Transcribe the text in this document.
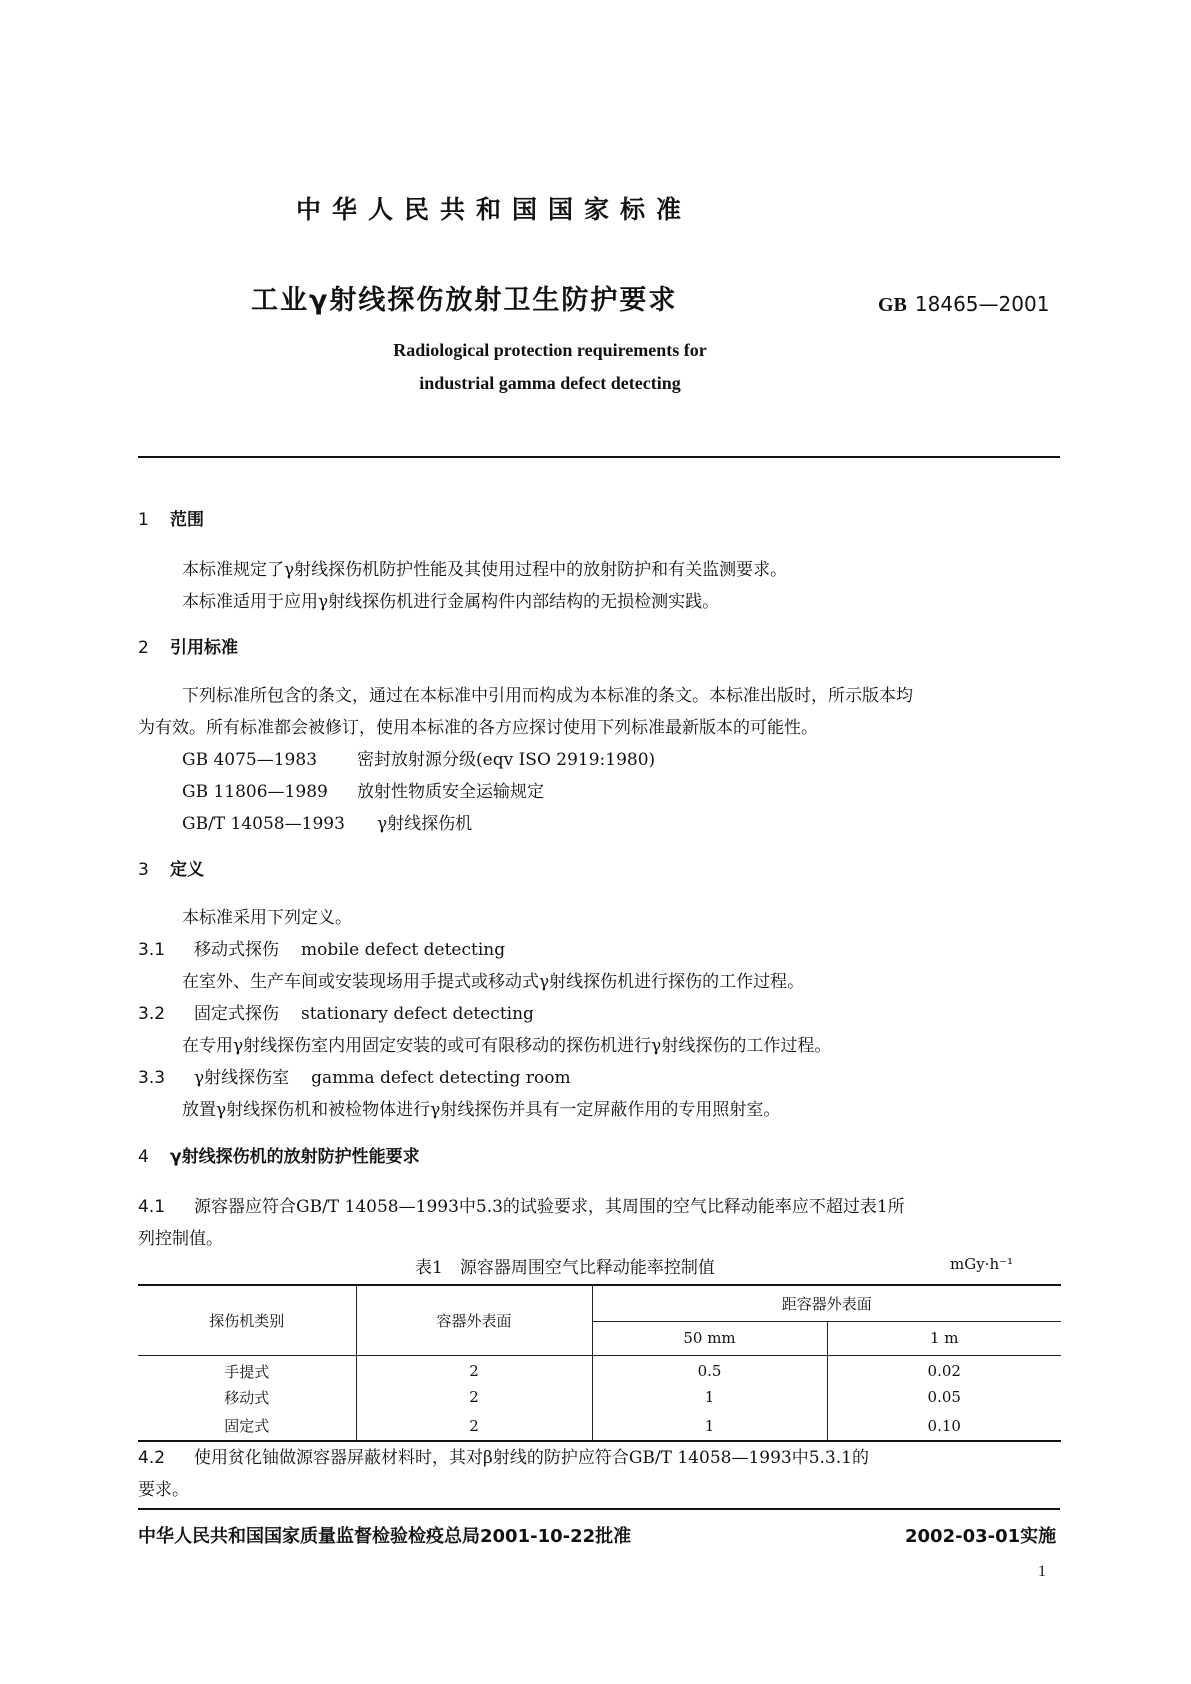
中华人民共和国国家标准
工业γ射线探伤放射卫生防护要求	GB 18465—2001
Radiological protection requirements for
industrial gamma defect detecting
1 范围
本标准规定了γ射线探伤机防护性能及其使用过程中的放射防护和有关监测要求。
本标准适用于应用γ射线探伤机进行金属构件内部结构的无损检测实践。
2 引用标准
下列标准所包含的条文，通过在本标准中引用而构成为本标准的条文。本标准出版时，所示版本均
为有效。所有标准都会被修订，使用本标准的各方应探讨使用下列标准最新版本的可能性。
GB 4075—1983 密封放射源分级(eqv ISO 2919:1980)
GB 11806—1989 放射性物质安全运输规定
GB/T 14058—1993 γ射线探伤机
3 定义
本标准采用下列定义。
3.1 移动式探伤 mobile defect detecting
在室外、生产车间或安装现场用手提式或移动式γ射线探伤机进行探伤的工作过程。
3.2 固定式探伤 stationary defect detecting
在专用γ射线探伤室内用固定安装的或可有限移动的探伤机进行γ射线探伤的工作过程。
3.3 γ射线探伤室 gamma defect detecting room
放置γ射线探伤机和被检物体进行γ射线探伤并具有一定屏蔽作用的专用照射室。
4 γ射线探伤机的放射防护性能要求
4.1 源容器应符合GB/T 14058—1993中5.3的试验要求，其周围的空气比释动能率应不超过表1所
列控制值。
表1　源容器周围空气比释动能率控制值	mGy·h⁻¹
探伤机类别	容器外表面	距容器外表面	
		50 mm	1 m
手提式	2	0.5	0.02
移动式	2	1	0.05
固定式	2	1	0.10
4.2 使用贫化铀做源容器屏蔽材料时，其对β射线的防护应符合GB/T 14058—1993中5.3.1的
要求。
中华人民共和国国家质量监督检验检疫总局2001-10-22批准	2002-03-01实施
1
